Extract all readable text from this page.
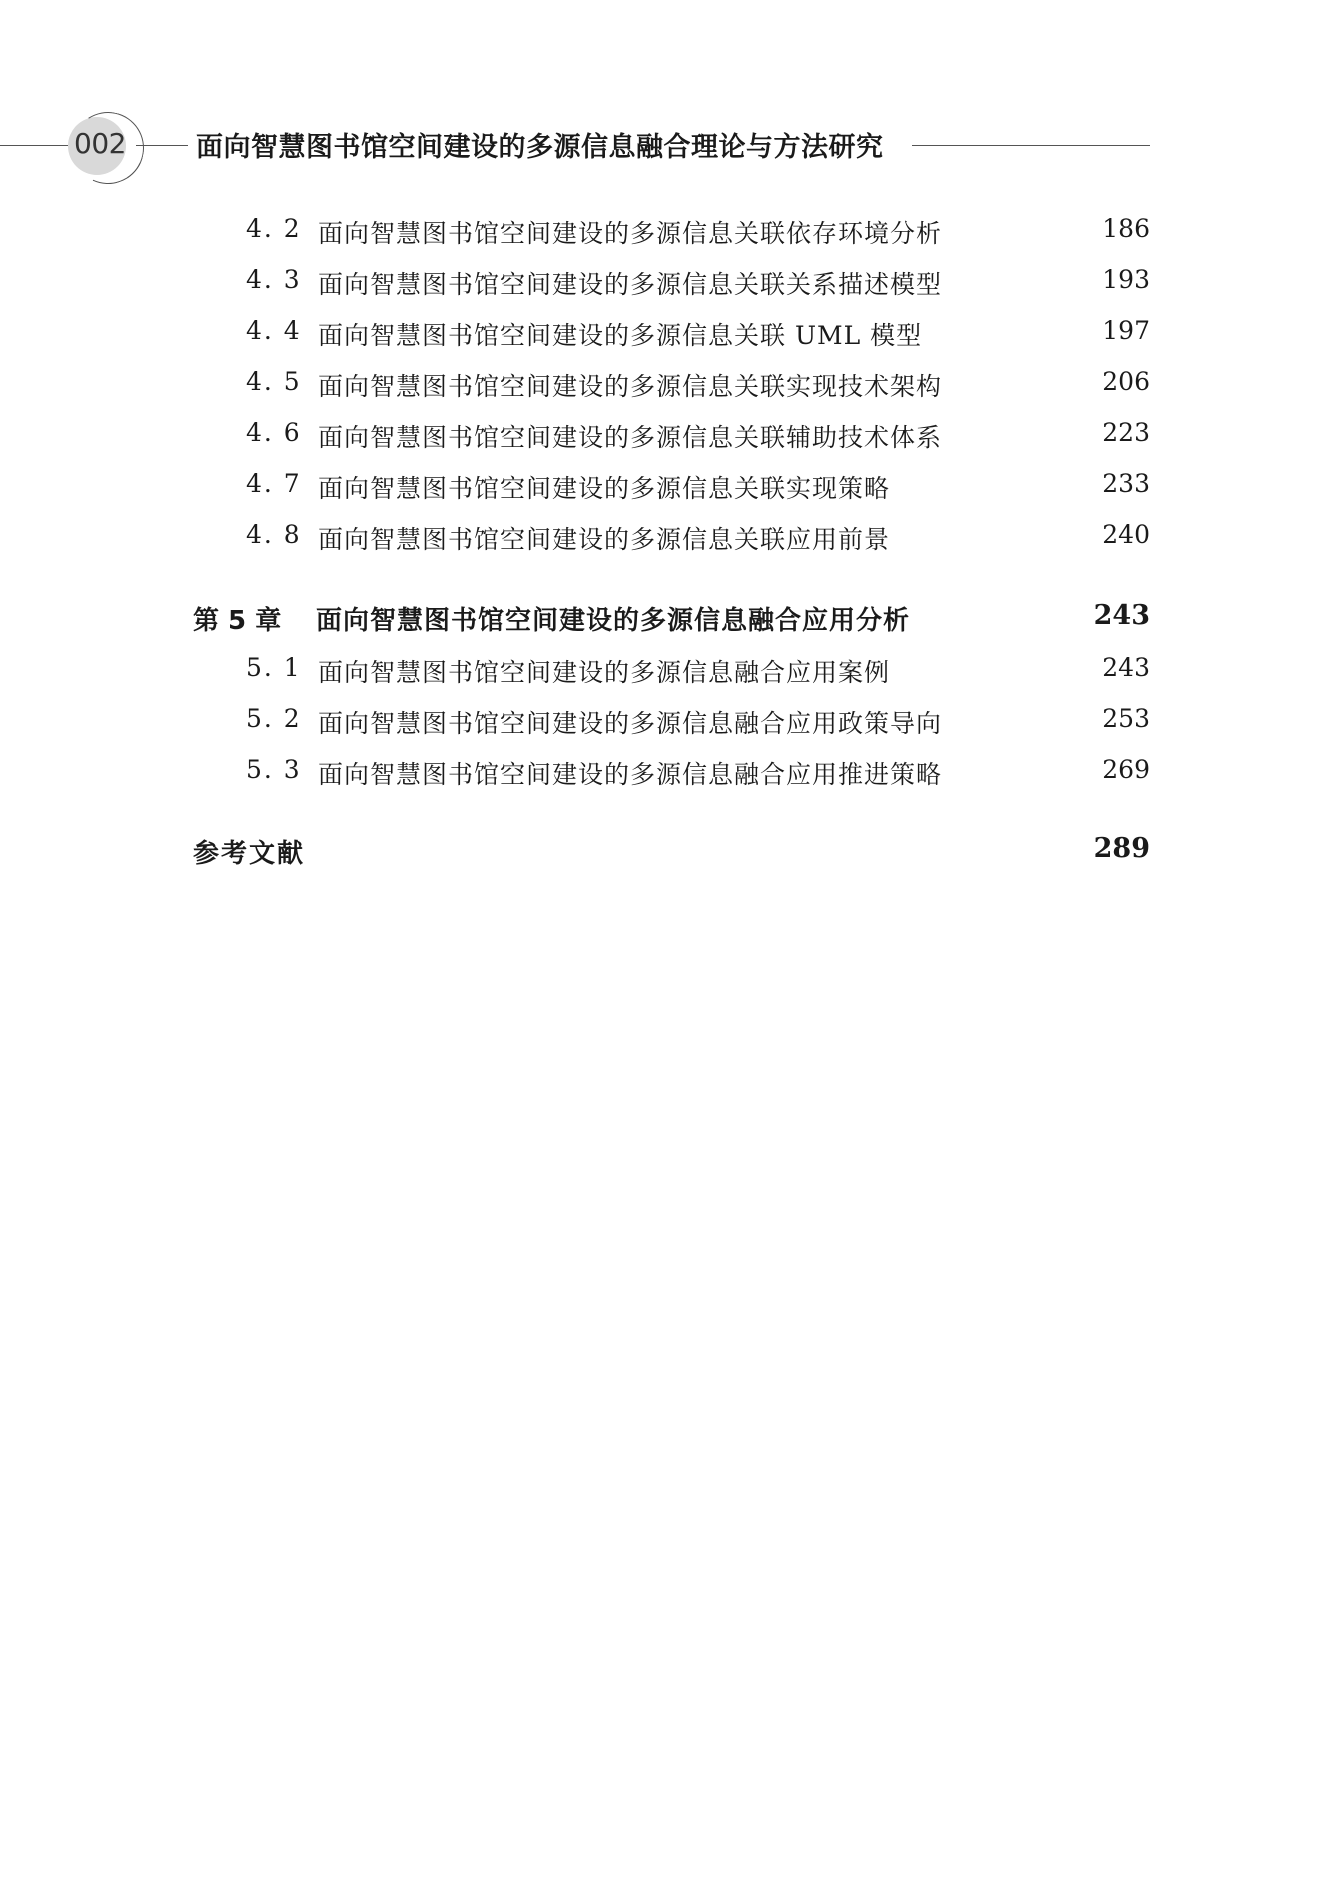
002	面向智慧图书馆空间建设的多源信息融合理论与方法研究
4. 2 面向智慧图书馆空间建设的多源信息关联依存环境分析	186
4. 3 面向智慧图书馆空间建设的多源信息关联关系描述模型	193
4. 4 面向智慧图书馆空间建设的多源信息关联 UML 模型	197
4. 5 面向智慧图书馆空间建设的多源信息关联实现技术架构	206
4. 6 面向智慧图书馆空间建设的多源信息关联辅助技术体系	223
4. 7 面向智慧图书馆空间建设的多源信息关联实现策略	233
4. 8 面向智慧图书馆空间建设的多源信息关联应用前景	240
第 5 章 面向智慧图书馆空间建设的多源信息融合应用分析	243
5. 1 面向智慧图书馆空间建设的多源信息融合应用案例	243
5. 2 面向智慧图书馆空间建设的多源信息融合应用政策导向	253
5. 3 面向智慧图书馆空间建设的多源信息融合应用推进策略	269
参考文献	289
